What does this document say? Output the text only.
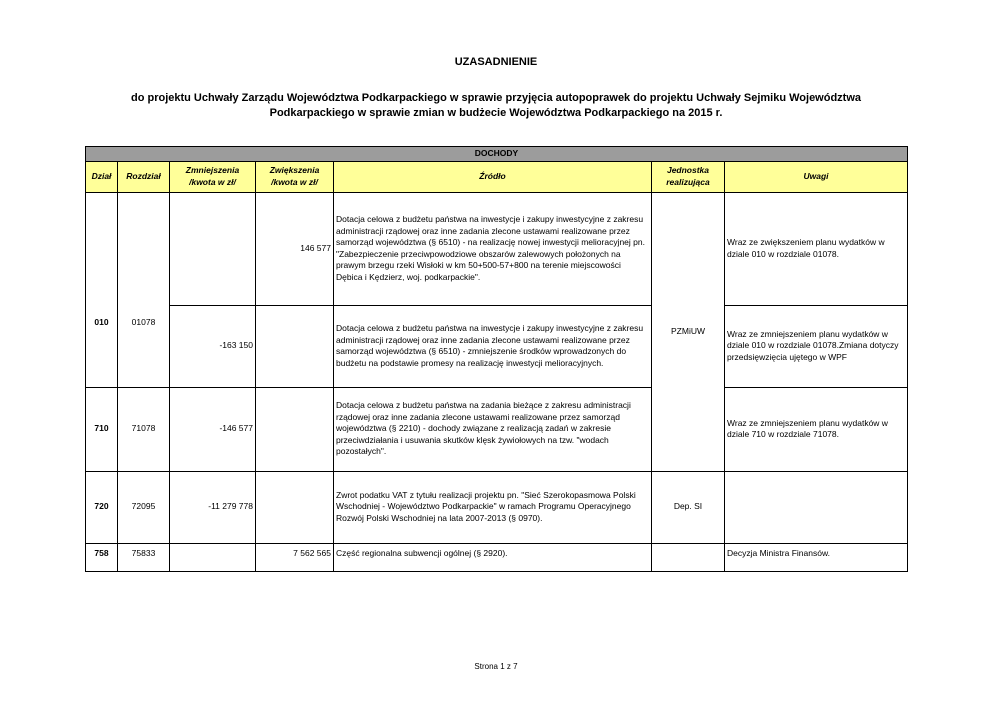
UZASADNIENIE
do projektu Uchwały Zarządu Województwa Podkarpackiego w sprawie przyjęcia autopoprawek do projektu Uchwały Sejmiku Województwa
Podkarpackiego w sprawie zmian w budżecie Województwa Podkarpackiego na 2015 r.
DOCHODY						
Dział	Rozdział	Zmniejszenia /kwota w zł/	Zwiększenia /kwota w zł/	Źródło	Jednostka realizująca	Uwagi
010	01078		146 577	Dotacja celowa z budżetu państwa na inwestycje i zakupy inwestycyjne z zakresu administracji rządowej oraz inne zadania zlecone ustawami realizowane przez samorząd województwa (§ 6510) - na realizację nowej inwestycji melioracyjnej pn. "Zabezpieczenie przeciwpowodziowe obszarów zalewowych położonych na prawym brzegu rzeki Wisłoki w km 50+500-57+800 na terenie miejscowości Dębica i Kędzierz, woj. podkarpackie".	PZMiUW	Wraz ze zwiększeniem planu wydatków w dziale 010 w rozdziale 01078.
		-163 150		Dotacja celowa z budżetu państwa na inwestycje i zakupy inwestycyjne z zakresu administracji rządowej oraz inne zadania zlecone ustawami realizowane przez samorząd województwa (§ 6510) - zmniejszenie środków wprowadzonych do budżetu na podstawie promesy na realizację inwestycji melioracyjnych.		Wraz ze zmniejszeniem planu wydatków w dziale 010 w rozdziale 01078.Zmiana dotyczy przedsięwzięcia ujętego w WPF
710	71078	-146 577		Dotacja celowa z budżetu państwa na zadania bieżące z zakresu administracji rządowej oraz inne zadania zlecone ustawami realizowane przez samorząd województwa (§ 2210) - dochody związane z realizacją zadań w zakresie przeciwdziałania i usuwania skutków klęsk żywiołowych na tzw. "wodach pozostałych".		Wraz ze zmniejszeniem planu wydatków w dziale 710 w rozdziale 71078.
720	72095	-11 279 778		Zwrot podatku VAT z tytułu realizacji projektu pn. "Sieć Szerokopasmowa Polski Wschodniej - Województwo Podkarpackie" w ramach Programu Operacyjnego Rozwój Polski Wschodniej na lata 2007-2013 (§ 0970).	Dep. SI	
758	75833		7 562 565	Część regionalna subwencji ogólnej (§ 2920).		Decyzja Ministra Finansów.
Strona 1 z 7
